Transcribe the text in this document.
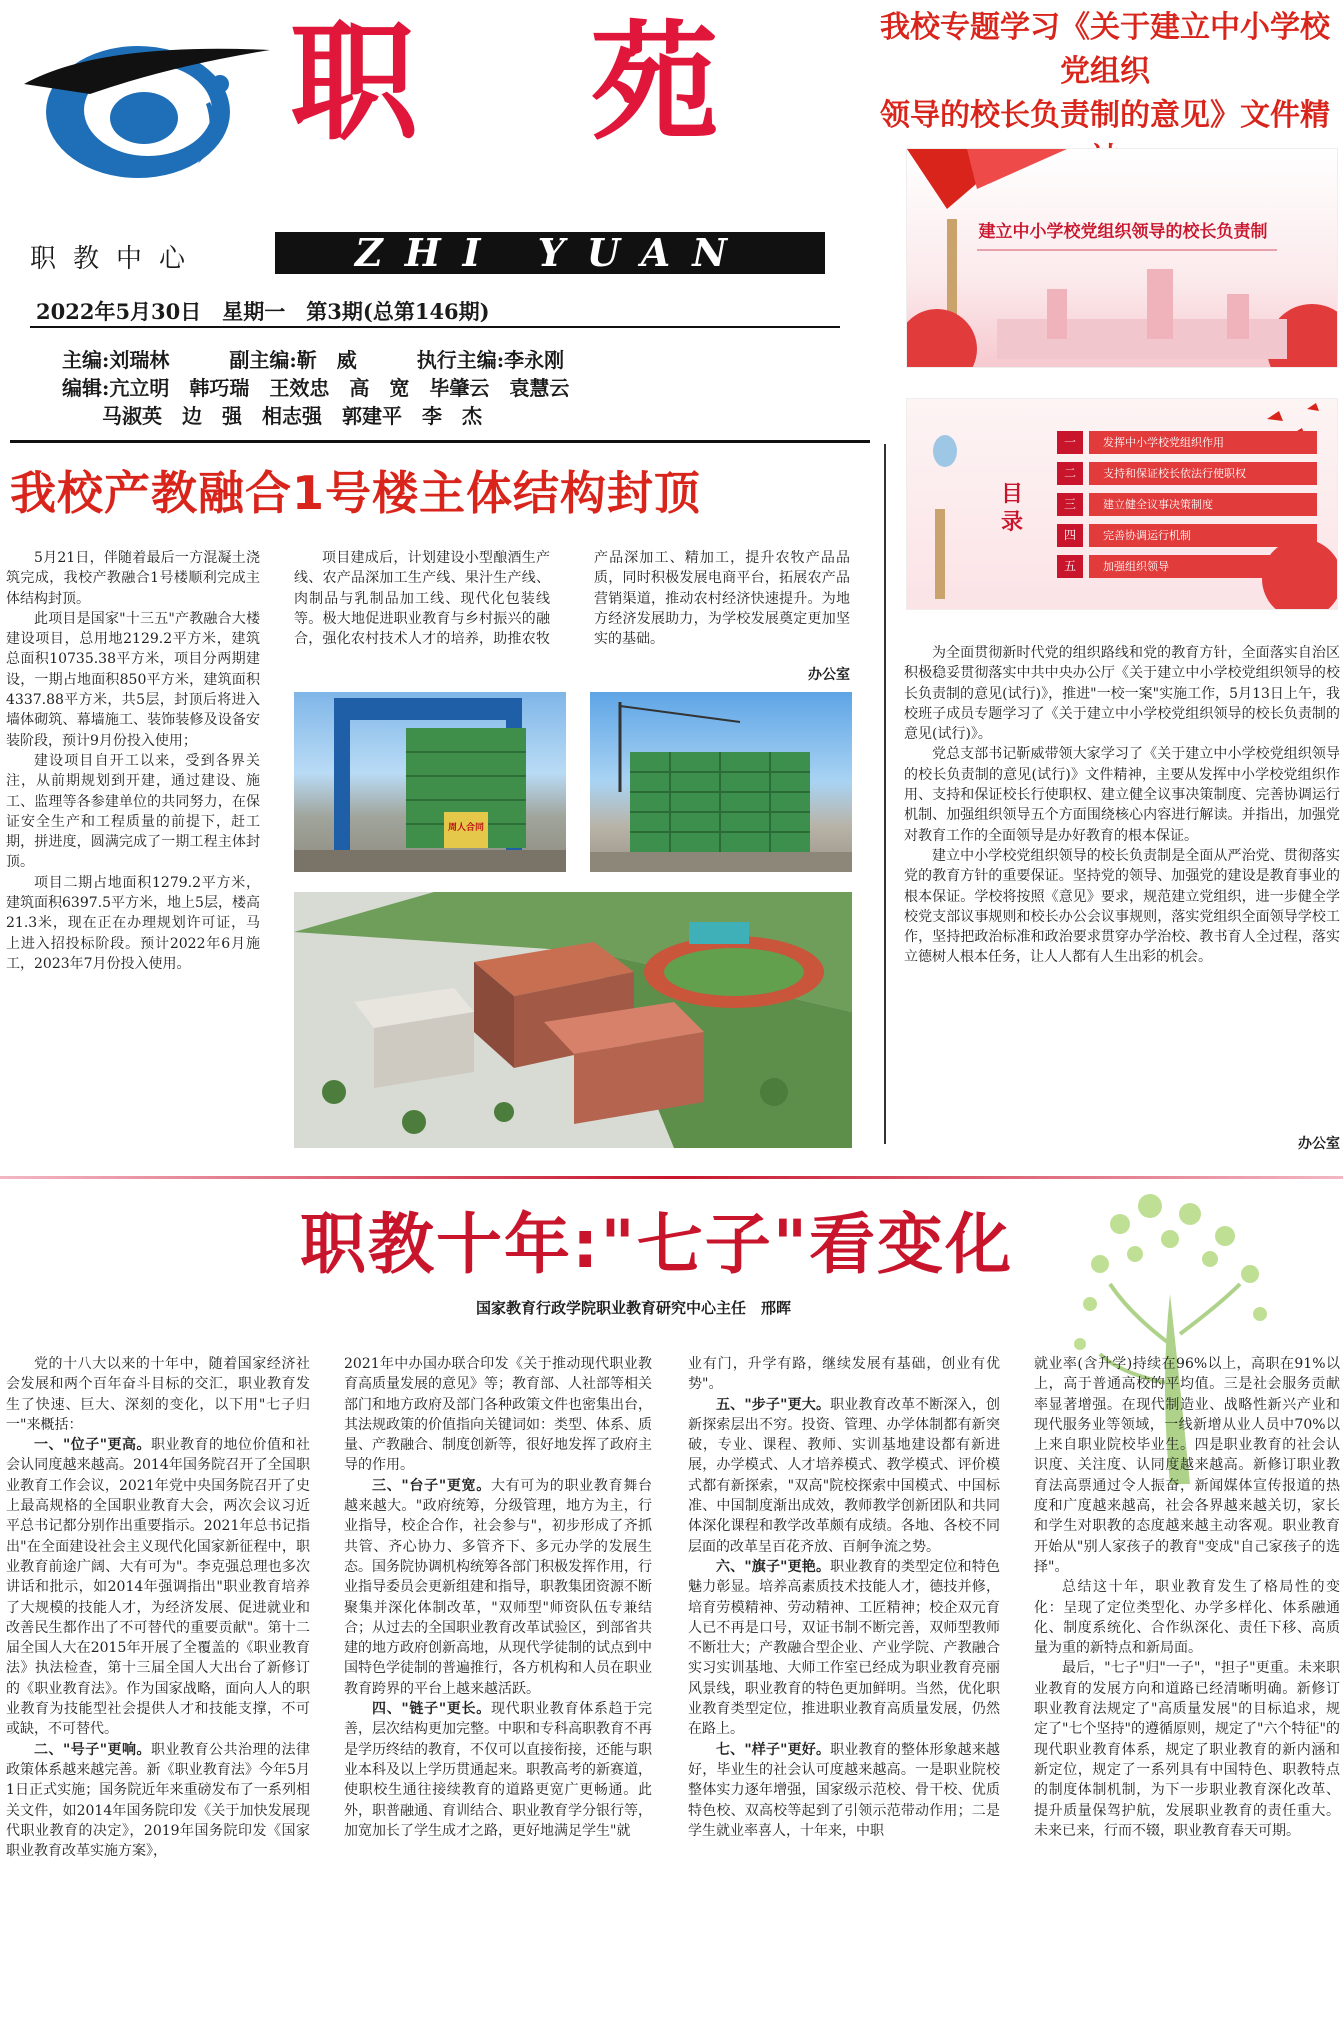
职 苑
职教中心	ZHI YUAN
2022年5月30日　星期一　第3期(总第146期)
主编:刘瑞林　　　副主编:靳　威　　　执行主编:李永刚
编辑:亢立明　韩巧瑞　王效忠　高　宽　毕肇云　袁慧云
　　马淑英　边　强　相志强　郭建平　李　杰
我校专题学习《关于建立中小学校党组织
领导的校长负责制的意见》文件精
建立中小学校党组织领导的校长负责制
目录
一	发挥中小学校党组织作用
二	支持和保证校长依法行使职权
三	建立健全议事决策制度
四	完善协调运行机制
五	加强组织领导

为全面贯彻新时代党的组织路线和党的教育方针，全面落实自治区积极稳妥贯彻落实中共中央办公厅《关于建立中小学校党组织领导的校长负责制的意见(试行)》，推进"一校一案"实施工作，5月13日上午，我校班子成员专题学习了《关于建立中小学校党组织领导的校长负责制的意见(试行)》。

党总支部书记靳威带领大家学习了《关于建立中小学校党组织领导的校长负责制的意见(试行)》文件精神，主要从发挥中小学校党组织作用、支持和保证校长行使职权、建立健全议事决策制度、完善协调运行机制、加强组织领导五个方面围绕核心内容进行解读。并指出，加强党对教育工作的全面领导是办好教育的根本保证。

建立中小学校党组织领导的校长负责制是全面从严治党、贯彻落实党的教育方针的重要保证。坚持党的领导、加强党的建设是教育事业的根本保证。学校将按照《意见》要求，规范建立党组织，进一步健全学校党支部议事规则和校长办公会议事规则，落实党组织全面领导学校工作，坚持把政治标准和政治要求贯穿办学治校、教书育人全过程，落实立德树人根本任务，让人人都有人生出彩的机会。

办公室
我校产教融合1号楼主体结构封顶

5月21日，伴随着最后一方混凝土浇筑完成，我校产教融合1号楼顺利完成主体结构封顶。

此项目是国家"十三五"产教融合大楼建设项目，总用地2129.2平方米，建筑总面积10735.38平方米，项目分两期建设，一期占地面积850平方米，建筑面积4337.88平方米，共5层，封顶后将进入墙体砌筑、幕墙施工、装饰装修及设备安装阶段，预计9月份投入使用；

建设项目自开工以来，受到各界关注，从前期规划到开建，通过建设、施工、监理等各参建单位的共同努力，在保证安全生产和工程质量的前提下，赶工期，拼进度，圆满完成了一期工程主体封顶。

项目二期占地面积1279.2平方米，建筑面积6397.5平方米，地上5层，楼高21.3米，现在正在办理规划许可证，马上进入招投标阶段。预计2022年6月施工，2023年7月份投入使用。

项目建成后，计划建设小型酿酒生产线、农产品深加工生产线、果汁生产线、肉制品与乳制品加工线、现代化包装线等。极大地促进职业教育与乡村振兴的融合，强化农村技术人才的培养，助推农牧产品深加工、精加工，提升农牧产品品质，同时积极发展电商平台，拓展农产品营销渠道，推动农村经济快速提升。为地方经济发展助力，为学校发展奠定更加坚实的基础。

办公室
周人合同
职教十年:"七子"看变化
国家教育行政学院职业教育研究中心主任　邢晖

党的十八大以来的十年中，随着国家经济社会发展和两个百年奋斗目标的交汇，职业教育发生了快速、巨大、深刻的变化，以下用"七子归一"来概括：

一、"位子"更高。职业教育的地位价值和社会认同度越来越高。2014年国务院召开了全国职业教育工作会议，2021年党中央国务院召开了史上最高规格的全国职业教育大会，两次会议习近平总书记都分别作出重要指示。2021年总书记指出"在全面建设社会主义现代化国家新征程中，职业教育前途广阔、大有可为"。李克强总理也多次讲话和批示，如2014年强调指出"职业教育培养了大规模的技能人才，为经济发展、促进就业和改善民生都作出了不可替代的重要贡献"。第十二届全国人大在2015年开展了全覆盖的《职业教育法》执法检查，第十三届全国人大出台了新修订的《职业教育法》。作为国家战略，面向人人的职业教育为技能型社会提供人才和技能支撑，不可或缺，不可替代。

二、"号子"更响。职业教育公共治理的法律政策体系越来越完善。新《职业教育法》今年5月1日正式实施；国务院近年来重磅发布了一系列相关文件，如2014年国务院印发《关于加快发展现代职业教育的决定》，2019年国务院印发《国家职业教育改革实施方案》，

2021年中办国办联合印发《关于推动现代职业教育高质量发展的意见》等；教育部、人社部等相关部门和地方政府及部门各种政策文件也密集出台，其法规政策的价值指向关键词如：类型、体系、质量、产教融合、制度创新等，很好地发挥了政府主导的作用。

三、"台子"更宽。大有可为的职业教育舞台越来越大。"政府统筹，分级管理，地方为主，行业指导，校企合作，社会参与"，初步形成了齐抓共管、齐心协力、多管齐下、多元办学的发展生态。国务院协调机构统筹各部门积极发挥作用，行业指导委员会更新组建和指导，职教集团资源不断聚集并深化体制改革，"双师型"师资队伍专兼结合；从过去的全国职业教育改革试验区，到部省共建的地方政府创新高地，从现代学徒制的试点到中国特色学徒制的普遍推行，各方机构和人员在职业教育跨界的平台上越来越活跃。

四、"链子"更长。现代职业教育体系趋于完善，层次结构更加完整。中职和专科高职教育不再是学历终结的教育，不仅可以直接衔接，还能与职业本科及以上学历贯通起来。职教高考的新赛道，使职校生通往接续教育的道路更宽广更畅通。此外，职普融通、育训结合、职业教育学分银行等，加宽加长了学生成才之路，更好地满足学生"就

业有门，升学有路，继续发展有基础，创业有优势"。

五、"步子"更大。职业教育改革不断深入，创新探索层出不穷。投资、管理、办学体制都有新突破，专业、课程、教师、实训基地建设都有新进展，办学模式、人才培养模式、教学模式、评价模式都有新探索，"双高"院校探索中国模式、中国标准、中国制度渐出成效，教师教学创新团队和共同体深化课程和教学改革颇有成绩。各地、各校不同层面的改革呈百花齐放、百舸争流之势。

六、"旗子"更艳。职业教育的类型定位和特色魅力彰显。培养高素质技术技能人才，德技并修，培育劳模精神、劳动精神、工匠精神；校企双元育人已不再是口号，双证书制不断完善，双师型教师不断壮大；产教融合型企业、产业学院、产教融合实习实训基地、大师工作室已经成为职业教育亮丽风景线，职业教育的特色更加鲜明。当然，优化职业教育类型定位，推进职业教育高质量发展，仍然在路上。

七、"样子"更好。职业教育的整体形象越来越好，毕业生的社会认可度越来越高。一是职业院校整体实力逐年增强，国家级示范校、骨干校、优质特色校、双高校等起到了引领示范带动作用；二是学生就业率喜人，十年来，中职

就业率(含升学)持续在96%以上，高职在91%以上，高于普通高校的平均值。三是社会服务贡献率显著增强。在现代制造业、战略性新兴产业和现代服务业等领域，一线新增从业人员中70%以上来自职业院校毕业生。四是职业教育的社会认识度、关注度、认同度越来越高。新修订职业教育法高票通过令人振奋，新闻媒体宣传报道的热度和广度越来越高，社会各界越来越关切，家长和学生对职教的态度越来越主动客观。职业教育开始从"别人家孩子的教育"变成"自己家孩子的选择"。

总结这十年，职业教育发生了格局性的变化：呈现了定位类型化、办学多样化、体系融通化、制度系统化、合作纵深化、责任下移、高质量为重的新特点和新局面。

最后，"七子"归"一子"，"担子"更重。未来职业教育的发展方向和道路已经清晰明确。新修订职业教育法规定了"高质量发展"的目标追求，规定了"七个坚持"的遵循原则，规定了"六个特征"的现代职业教育体系，规定了职业教育的新内涵和新定位，规定了一系列具有中国特色、职教特点的制度体制机制，为下一步职业教育深化改革、提升质量保驾护航，发展职业教育的责任重大。未来已来，行而不辍，职业教育春天可期。
